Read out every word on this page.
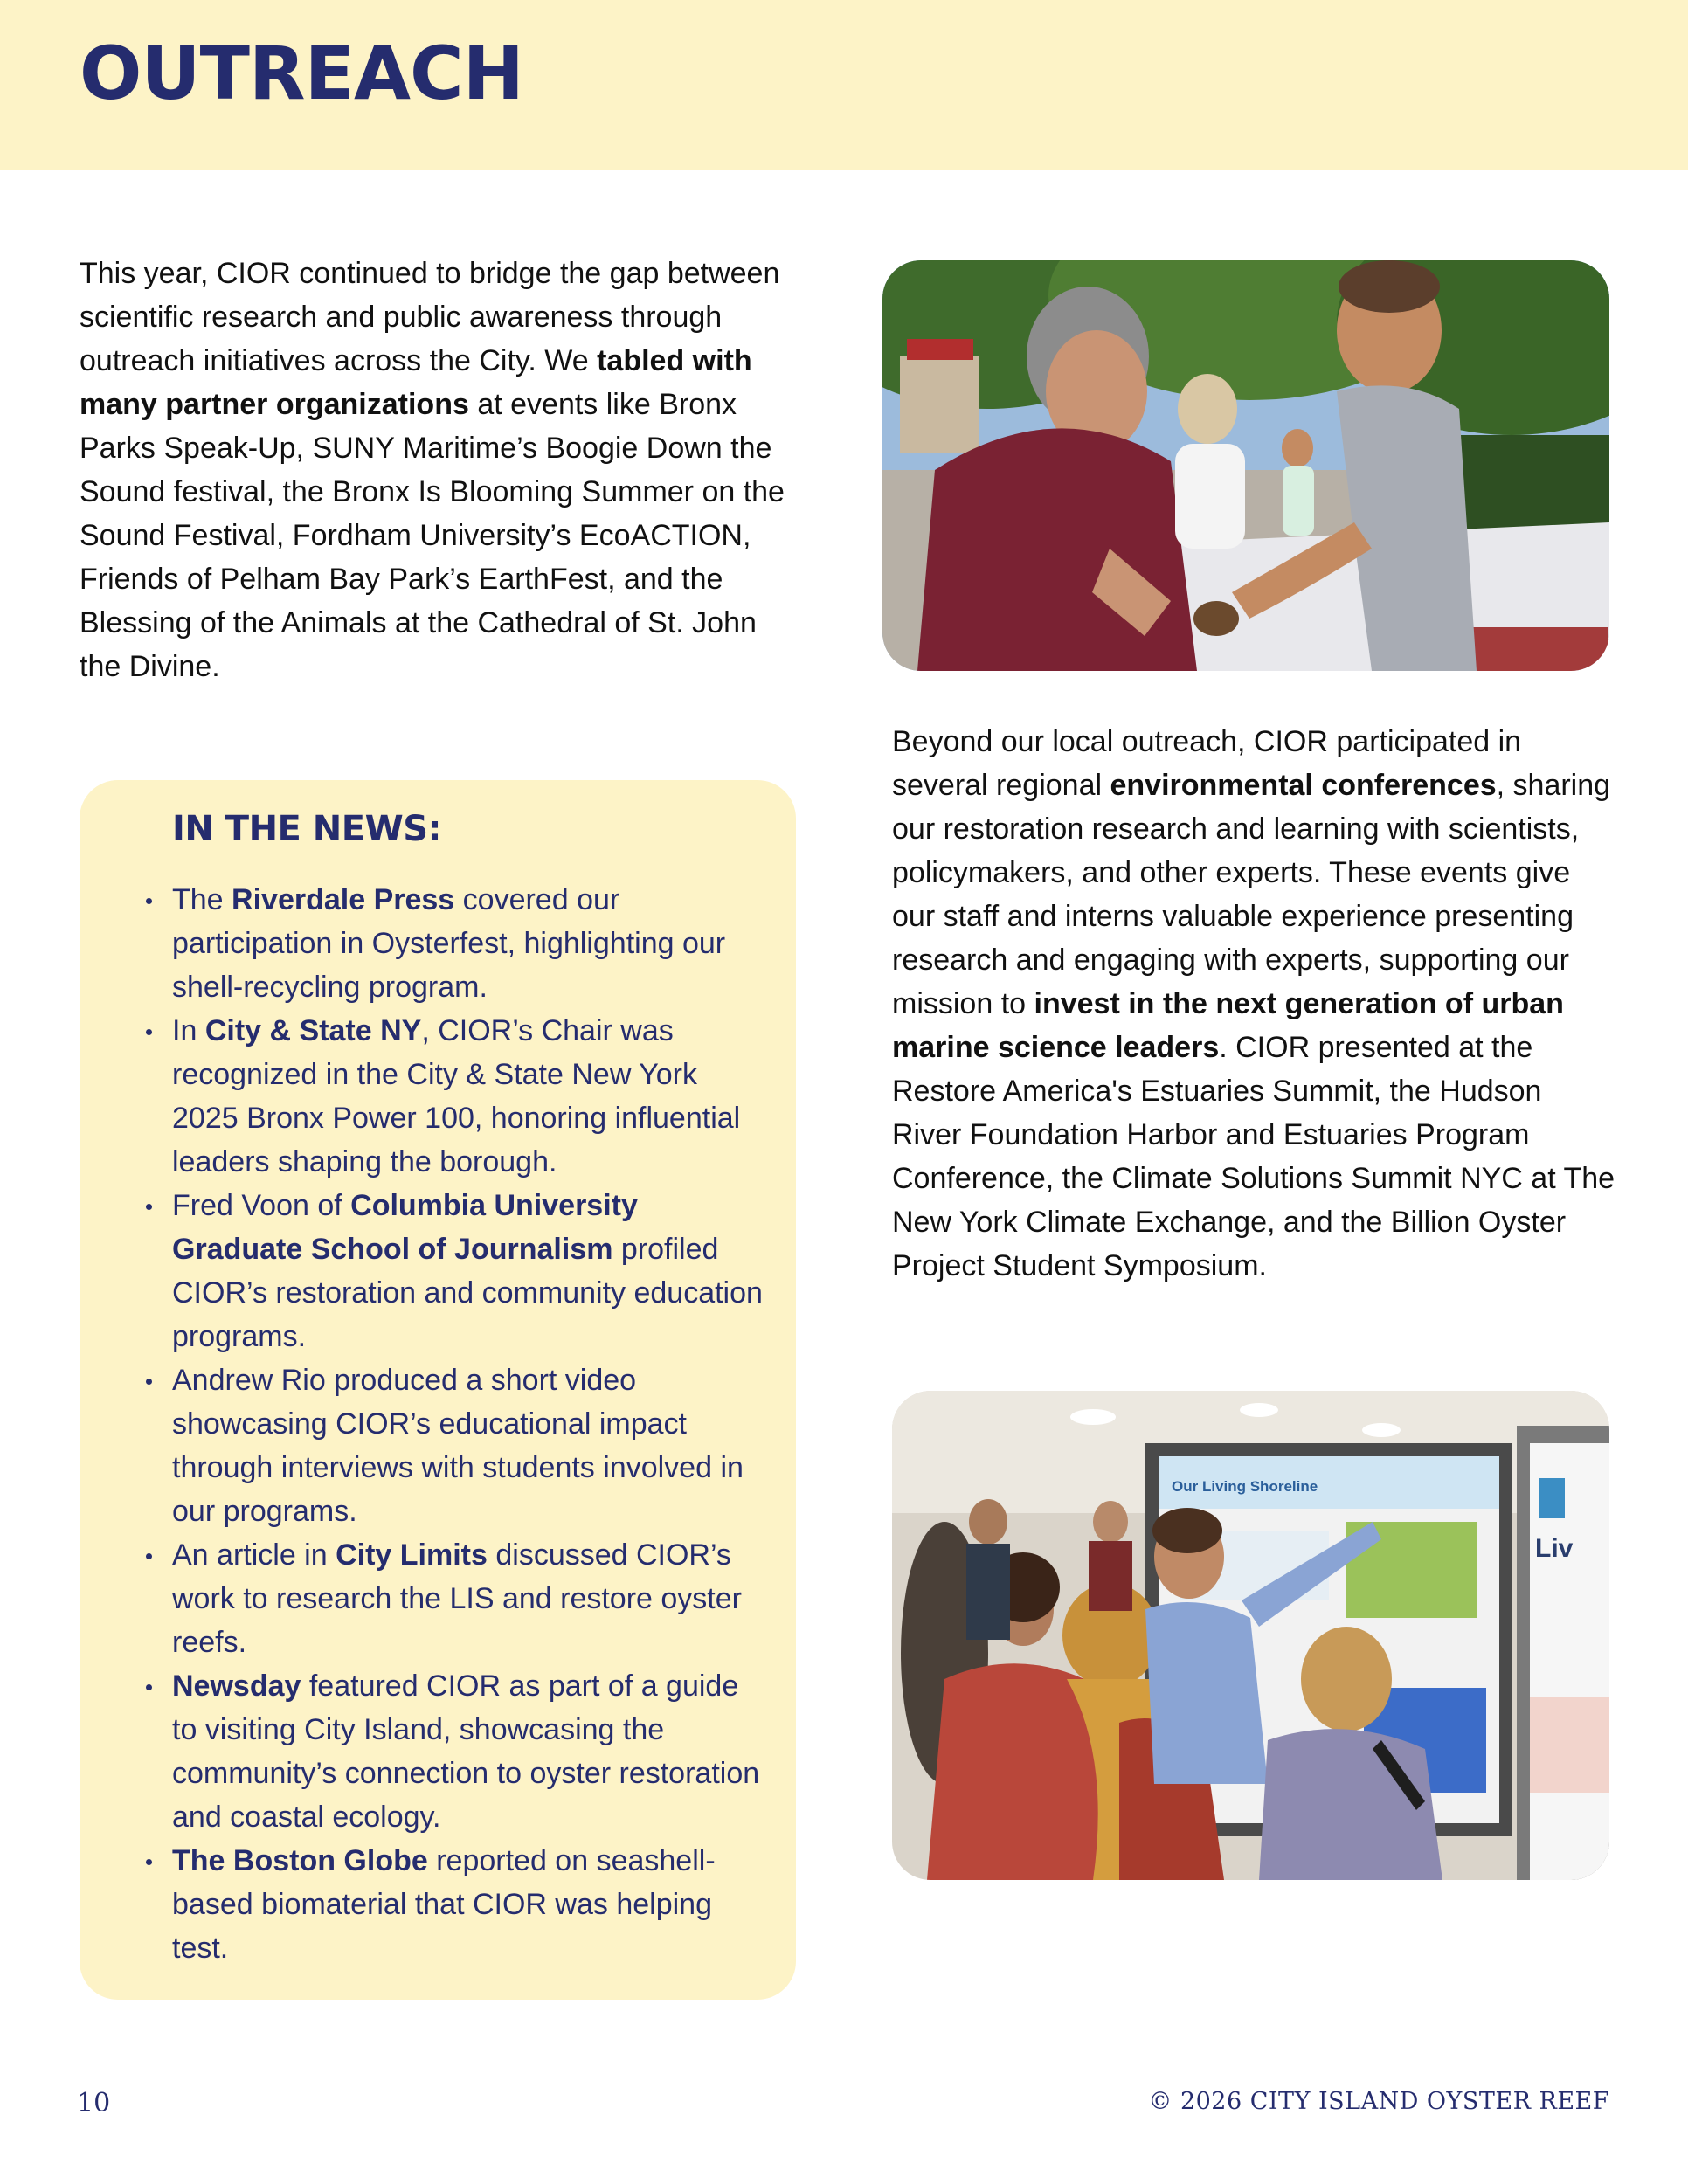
OUTREACH

This year, CIOR continued to bridge the gap between scientific research and public awareness through outreach initiatives across the City. We tabled with many partner organizations at events like Bronx Parks Speak-Up, SUNY Maritime’s Boogie Down the Sound festival, the Bronx Is Blooming Summer on the Sound Festival, Fordham University’s EcoACTION, Friends of Pelham Bay Park’s EarthFest, and the Blessing of the Animals at the Cathedral of St. John the Divine.

IN THE NEWS:
The Riverdale Press covered our participation in Oysterfest, highlighting our shell-recycling program.
In City & State NY, CIOR’s Chair was recognized in the City & State New York 2025 Bronx Power 100, honoring influential leaders shaping the borough.
Fred Voon of Columbia University Graduate School of Journalism profiled CIOR’s restoration and community education programs.
Andrew Rio produced a short video showcasing CIOR’s educational impact through interviews with students involved in our programs.
An article in City Limits discussed CIOR’s work to research the LIS and restore oyster reefs.
Newsday featured CIOR as part of a guide to visiting City Island, showcasing the community’s connection to oyster restoration and coastal ecology.
The Boston Globe reported on seashell-based biomaterial that CIOR was helping test.

Beyond our local outreach, CIOR participated in several regional environmental conferences, sharing our restoration research and learning with scientists, policymakers, and other experts. These events give our staff and interns valuable experience presenting research and engaging with experts, supporting our mission to invest in the next generation of urban marine science leaders. CIOR presented at the Restore America's Estuaries Summit, the Hudson River Foundation Harbor and Estuaries Program Conference, the Climate Solutions Summit NYC at The New York Climate Exchange, and the Billion Oyster Project Student Symposium.

Our Living Shoreline
Liv

10	© 2026 CITY ISLAND OYSTER REEF
